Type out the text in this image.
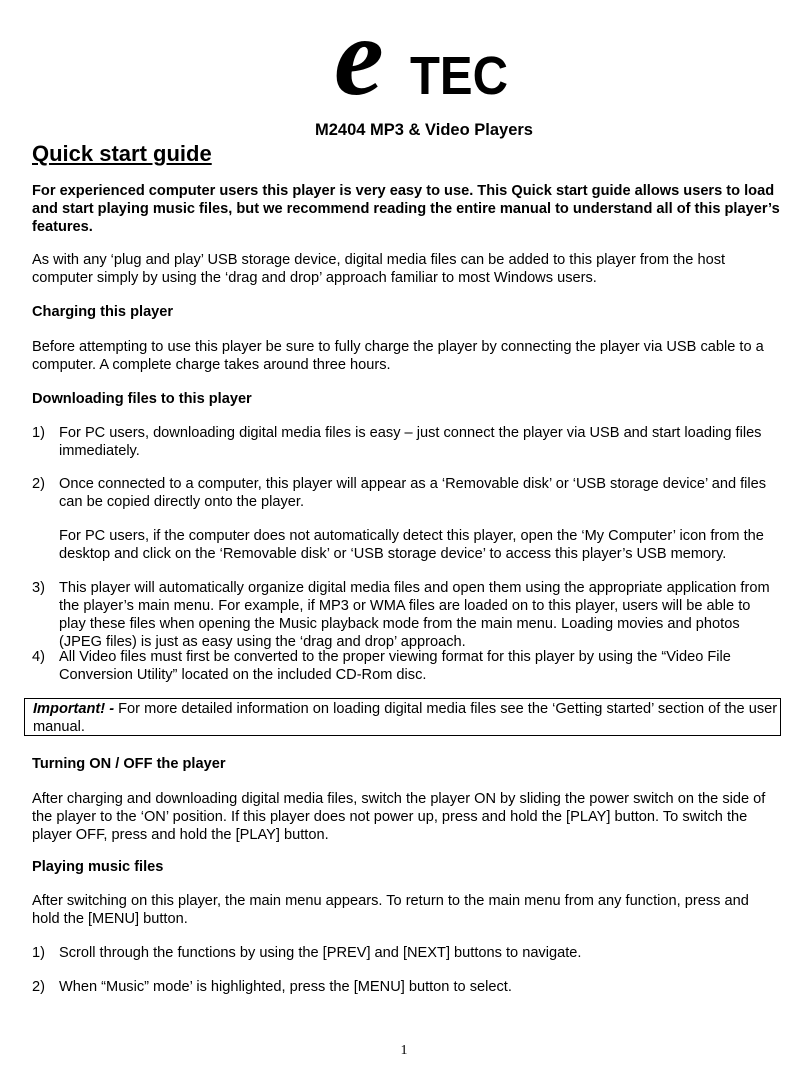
e TEC
M2404 MP3 & Video Players
Quick start guide
For experienced computer users this player is very easy to use. This Quick start guide allows users to load and start playing music files, but we recommend reading the entire manual to understand all of this player’s features.
As with any ‘plug and play’ USB storage device, digital media files can be added to this player from the host computer simply by using the ‘drag and drop’ approach familiar to most Windows users.
Charging this player
Before attempting to use this player be sure to fully charge the player by connecting the player via USB cable to a computer. A complete charge takes around three hours.
Downloading files to this player
1) For PC users, downloading digital media files is easy – just connect the player via USB and start loading files immediately.
2) Once connected to a computer, this player will appear as a ‘Removable disk’ or ‘USB storage device’ and files can be copied directly onto the player.
For PC users, if the computer does not automatically detect this player, open the ‘My Computer’ icon from the desktop and click on the ‘Removable disk’ or ‘USB storage device’ to access this player’s USB memory.
3) This player will automatically organize digital media files and open them using the appropriate application from the player’s main menu. For example, if MP3 or WMA files are loaded on to this player, users will be able to play these files when opening the Music playback mode from the main menu. Loading movies and photos (JPEG files) is just as easy using the ‘drag and drop’ approach.
4) All Video files must first be converted to the proper viewing format for this player by using the “Video File Conversion Utility” located on the included CD-Rom disc.
Important! - For more detailed information on loading digital media files see the ‘Getting started’ section of the user manual.
Turning ON / OFF the player
After charging and downloading digital media files, switch the player ON by sliding the power switch on the side of the player to the ‘ON’ position. If this player does not power up, press and hold the [PLAY] button. To switch the player OFF, press and hold the [PLAY] button.
Playing music files
After switching on this player, the main menu appears. To return to the main menu from any function, press and hold the [MENU] button.
1) Scroll through the functions by using the [PREV] and [NEXT] buttons to navigate.
2) When “Music” mode’ is highlighted, press the [MENU] button to select.
1
